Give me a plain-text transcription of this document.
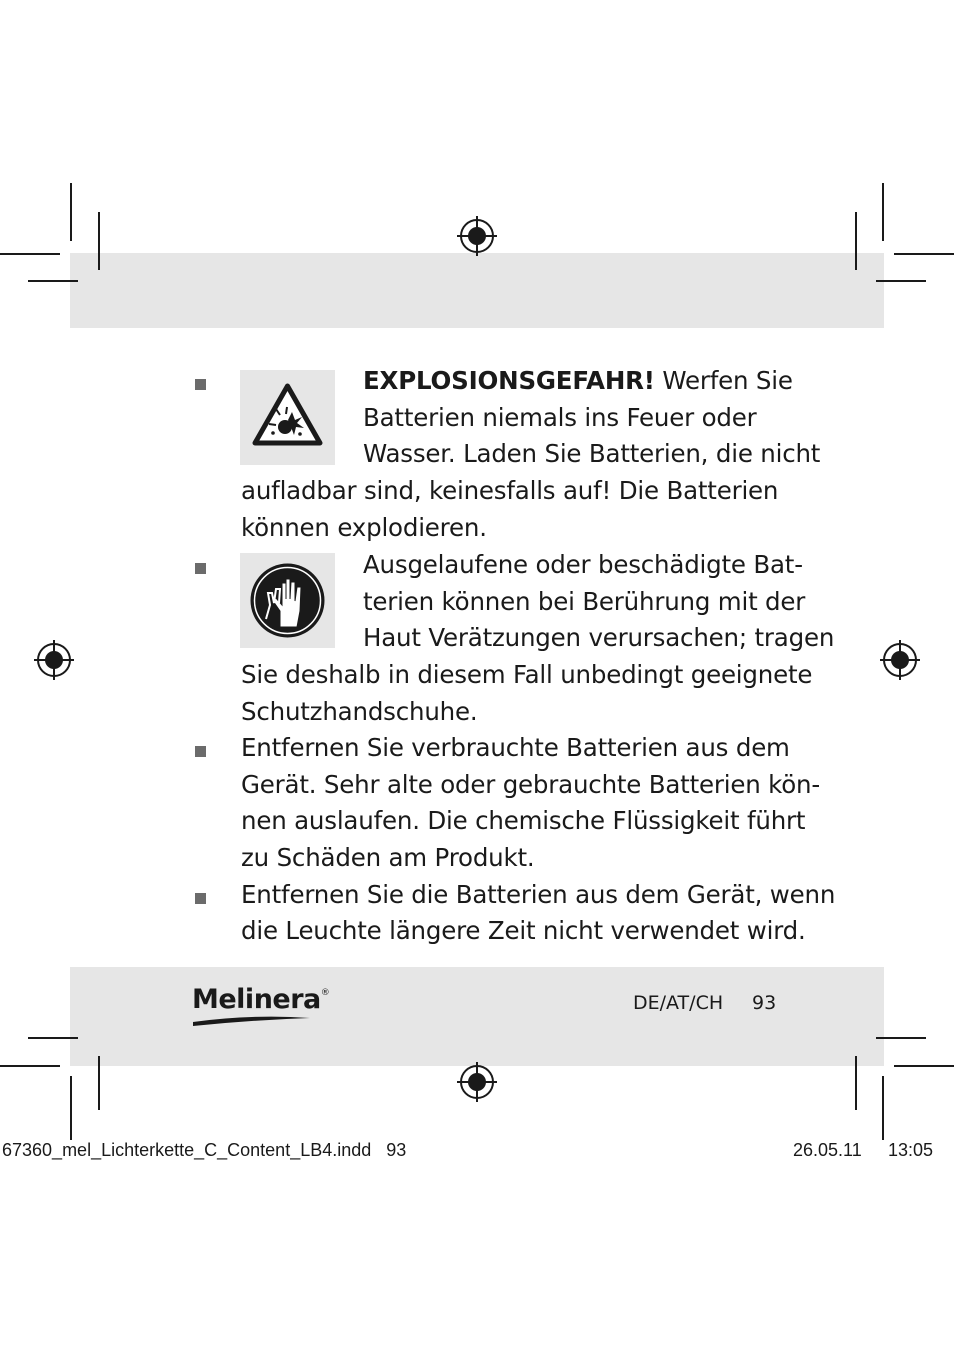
EXPLOSIONSGEFAHR! Werfen Sie
Batterien niemals ins Feuer oder
Wasser. Laden Sie Batterien, die nicht
aufladbar sind, keinesfalls auf! Die Batterien
können explodieren.
Ausgelaufene oder beschädigte Bat-
terien können bei Berührung mit der
Haut Verätzungen verursachen; tragen
Sie deshalb in diesem Fall unbedingt geeignete
Schutzhandschuhe.
Entfernen Sie verbrauchte Batterien aus dem
Gerät. Sehr alte oder gebrauchte Batterien kön-
nen auslaufen. Die chemische Flüssigkeit führt
zu Schäden am Produkt.
Entfernen Sie die Batterien aus dem Gerät, wenn
die Leuchte längere Zeit nicht verwendet wird.
Melinera®	DE/AT/CH 93
67360_mel_Lichterkette_C_Content_LB4.indd   93	26.05.11 13:05
